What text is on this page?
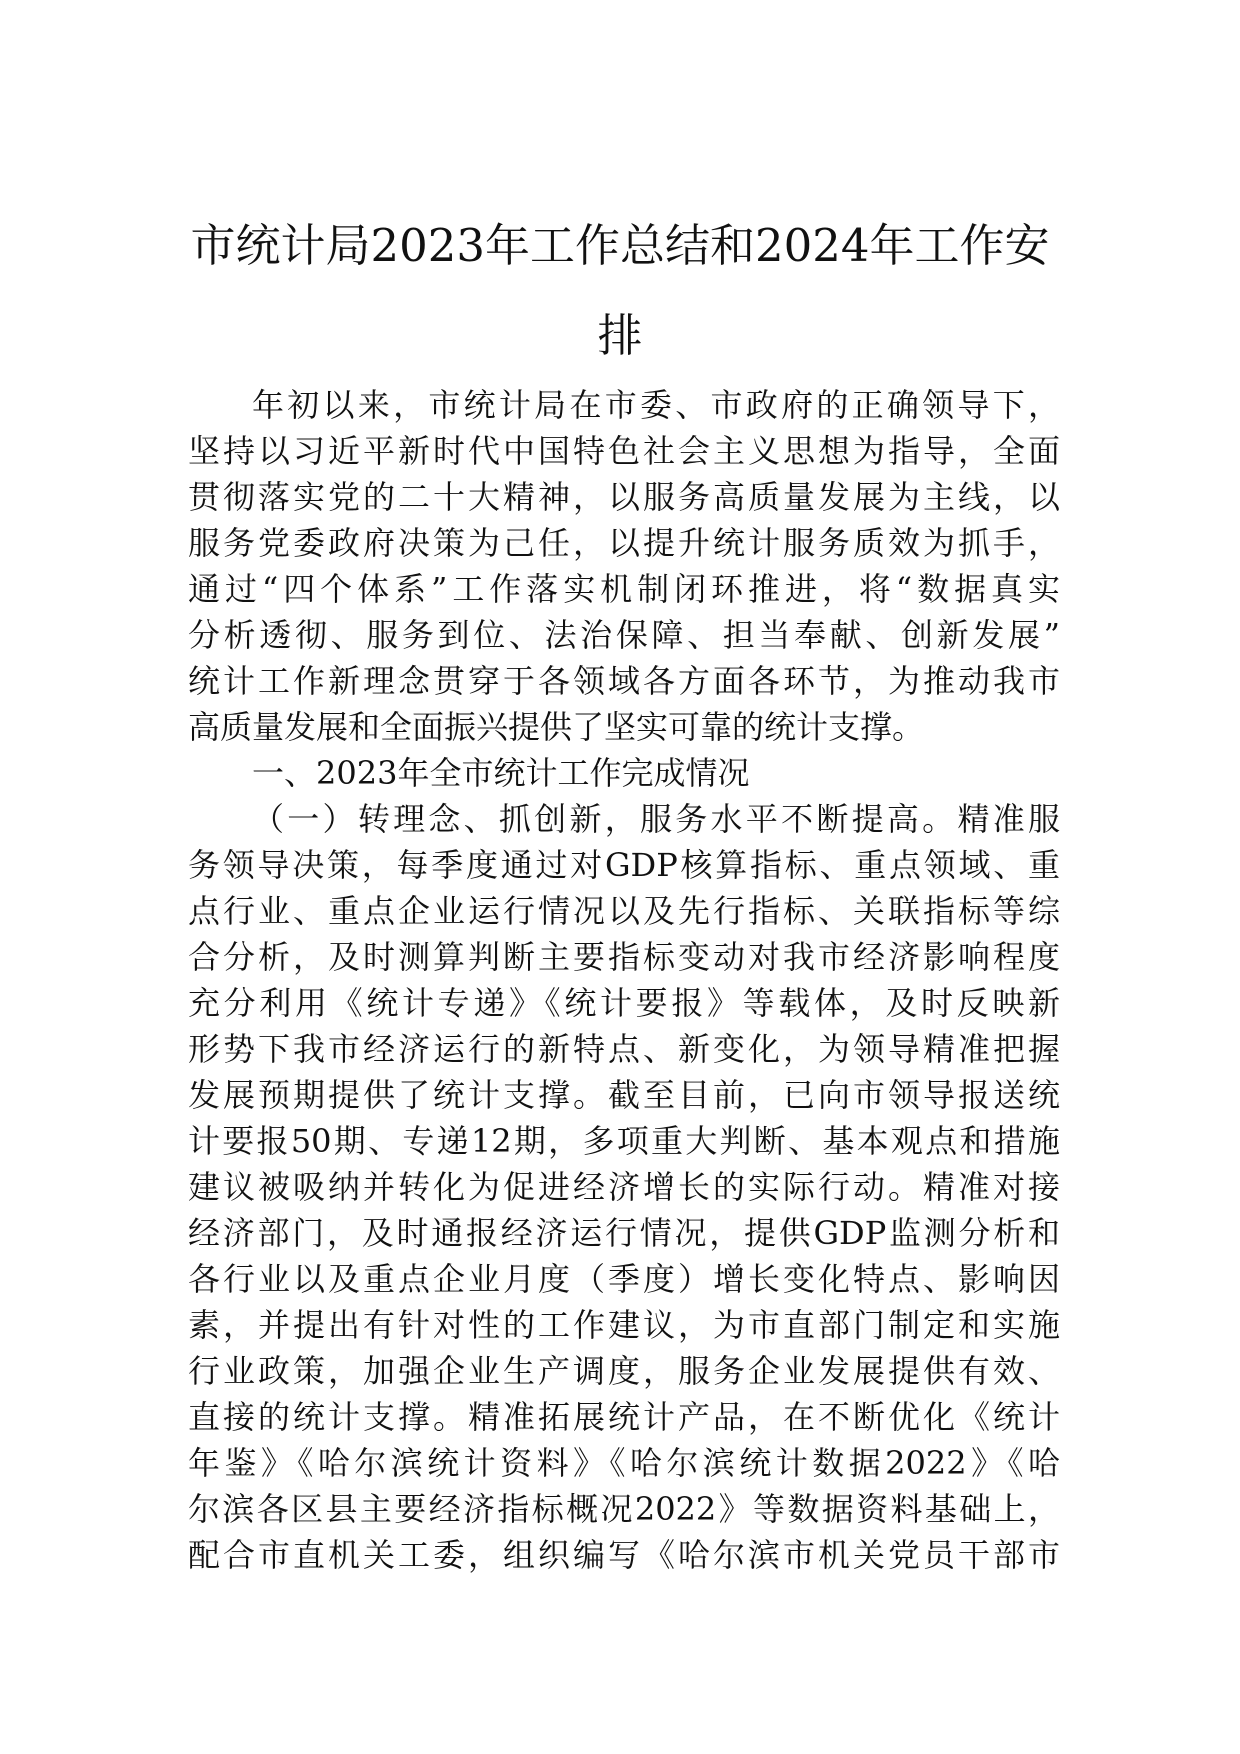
市统计局2023年工作总结和2024年工作安
排
年初以来，市统计局在市委、市政府的正确领导下，
坚持以习近平新时代中国特色社会主义思想为指导，全面
贯彻落实党的二十大精神，以服务高质量发展为主线，以
服务党委政府决策为己任，以提升统计服务质效为抓手，
通过“四个体系”工作落实机制闭环推进，将“数据真实
分析透彻、服务到位、法治保障、担当奉献、创新发展”
统计工作新理念贯穿于各领域各方面各环节，为推动我市
高质量发展和全面振兴提供了坚实可靠的统计支撑。
一、2023年全市统计工作完成情况
（一）转理念、抓创新，服务水平不断提高。精准服
务领导决策，每季度通过对GDP核算指标、重点领域、重
点行业、重点企业运行情况以及先行指标、关联指标等综
合分析，及时测算判断主要指标变动对我市经济影响程度
充分利用《统计专递》《统计要报》等载体，及时反映新
形势下我市经济运行的新特点、新变化，为领导精准把握
发展预期提供了统计支撑。截至目前，已向市领导报送统
计要报50期、专递12期，多项重大判断、基本观点和措施
建议被吸纳并转化为促进经济增长的实际行动。精准对接
经济部门，及时通报经济运行情况，提供GDP监测分析和
各行业以及重点企业月度（季度）增长变化特点、影响因
素，并提出有针对性的工作建议，为市直部门制定和实施
行业政策，加强企业生产调度，服务企业发展提供有效、
直接的统计支撑。精准拓展统计产品，在不断优化《统计
年鉴》《哈尔滨统计资料》《哈尔滨统计数据2022》《哈
尔滨各区县主要经济指标概况2022》等数据资料基础上，
配合市直机关工委，组织编写《哈尔滨市机关党员干部市
